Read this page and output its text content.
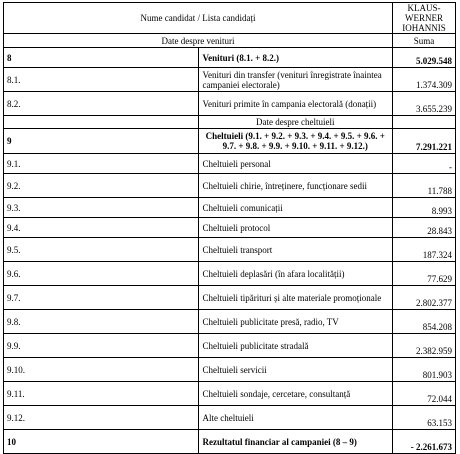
Nume candidat / Lista candidați		KLAUS-WERNER IOHANNIS
Date despre venituri		Suma
8	Venituri (8.1. + 8.2.)	5.029.548
8.1.	Venituri din transfer (venituri înregistrate înaintea campaniei electorale)	1.374.309
8.2.	Venituri primite în campania electorală (donații)	3.655.239
	Date despre cheltuieli	
9	Cheltuieli (9.1. + 9.2. + 9.3. + 9.4. + 9.5. + 9.6. + 9.7. + 9.8. + 9.9. + 9.10. + 9.11. + 9.12.)	7.291.221
9.1.	Cheltuieli personal	-
9.2.	Cheltuieli chirie, întreținere, funcționare sedii	11.788
9.3.	Cheltuieli comunicații	8.993
9.4.	Cheltuieli protocol	28.843
9.5.	Cheltuieli transport	187.324
9.6.	Cheltuieli deplasări (în afara localității)	77.629
9.7.	Cheltuieli tipărituri și alte materiale promoționale	2.802.377
9.8.	Cheltuieli publicitate presă, radio, TV	854.208
9.9.	Cheltuieli publicitate stradală	2.382.959
9.10.	Cheltuieli servicii	801.903
9.11.	Cheltuieli sondaje, cercetare, consultanță	72.044
9.12.	Alte cheltuieli	63.153
10	Rezultatul financiar al campaniei (8 – 9)	- 2.261.673
